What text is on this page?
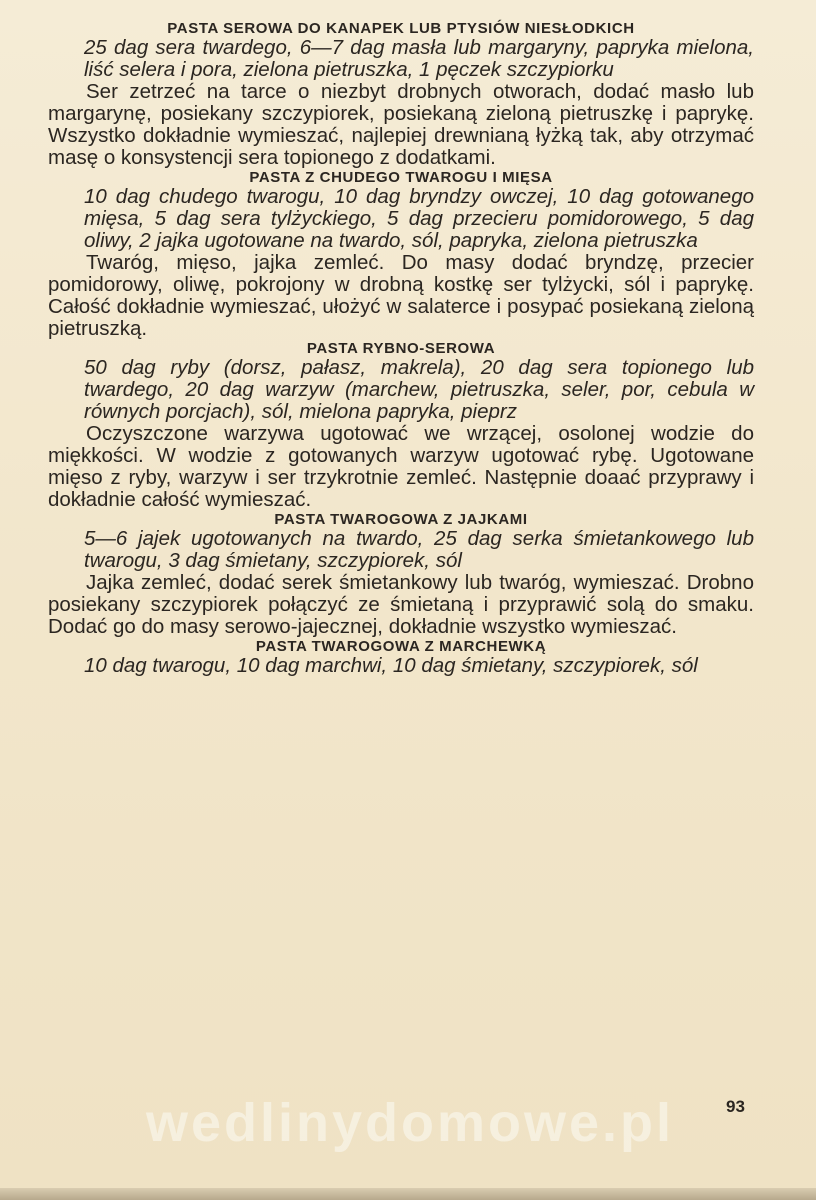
PASTA SEROWA DO KANAPEK LUB PTYSIÓW NIESŁODKICH

25 dag sera twardego, 6—7 dag masła lub margaryny, papryka mielona, liść selera i pora, zielona pietruszka, 1 pęczek szczypiorku

Ser zetrzeć na tarce o niezbyt drobnych otworach, dodać masło lub margarynę, posiekany szczypiorek, posiekaną zieloną pietruszkę i paprykę. Wszystko dokładnie wymieszać, najlepiej drewnianą łyżką tak, aby otrzymać masę o konsystencji sera topionego z dodatkami.

PASTA Z CHUDEGO TWAROGU I MIĘSA

10 dag chudego twarogu, 10 dag bryndzy owczej, 10 dag gotowanego mięsa, 5 dag sera tylżyckiego, 5 dag przecieru pomidorowego, 5 dag oliwy, 2 jajka ugotowane na twardo, sól, papryka, zielona pietruszka

Twaróg, mięso, jajka zemleć. Do masy dodać bryndzę, przecier pomidorowy, oliwę, pokrojony w drobną kostkę ser tylżycki, sól i paprykę. Całość dokładnie wymieszać, ułożyć w salaterce i posypać posiekaną zieloną pietruszką.

PASTA RYBNO-SEROWA

50 dag ryby (dorsz, pałasz, makrela), 20 dag sera topionego lub twardego, 20 dag warzyw (marchew, pietruszka, seler, por, cebula w równych porcjach), sól, mielona papryka, pieprz

Oczyszczone warzywa ugotować we wrzącej, osolonej wodzie do miękkości. W wodzie z gotowanych warzyw ugotować rybę. Ugotowane mięso z ryby, warzyw i ser trzykrotnie zemleć. Następnie doaać przyprawy i dokładnie całość wymieszać.

PASTA TWAROGOWA Z JAJKAMI

5—6 jajek ugotowanych na twardo, 25 dag serka śmietankowego lub twarogu, 3 dag śmietany, szczypiorek, sól

Jajka zemleć, dodać serek śmietankowy lub twaróg, wymieszać. Drobno posiekany szczypiorek połączyć ze śmietaną i przyprawić solą do smaku. Dodać go do masy serowo-jajecznej, dokładnie wszystko wymieszać.

PASTA TWAROGOWA Z MARCHEWKĄ

10 dag twarogu, 10 dag marchwi, 10 dag śmietany, szczypiorek, sól

wedlinydomowe.pl	93
